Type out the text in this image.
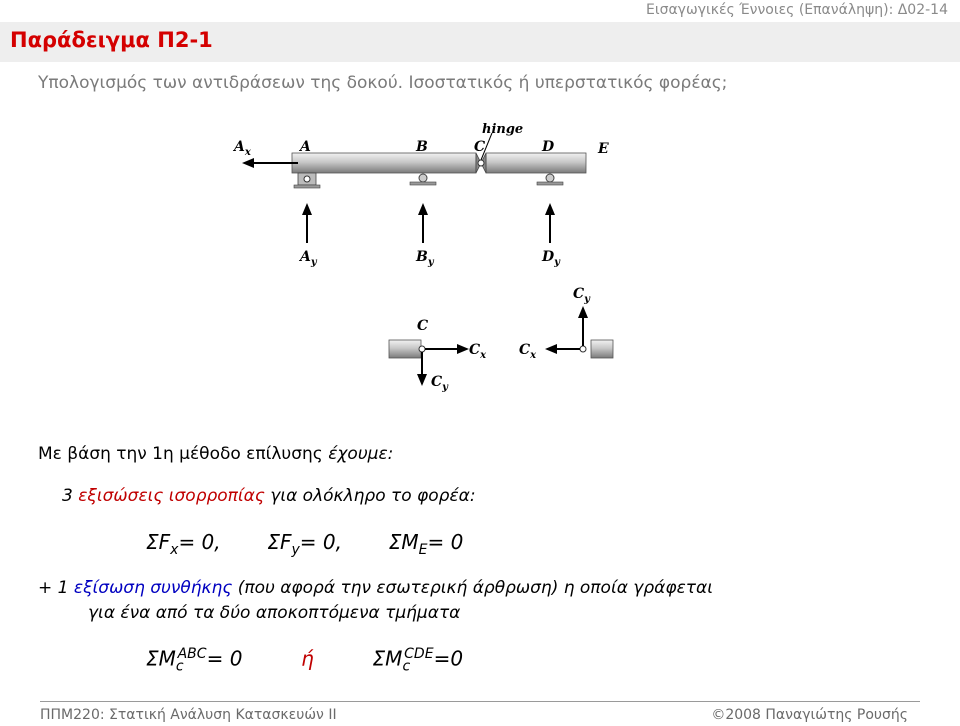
Εισαγωγικές Έννοιες (Επανάληψη): Δ02-14
Παράδειγμα Π2-1
Υπολογισμός των αντιδράσεων της δοκού. Ισοστατικός ή υπερστατικός φορέας;
$A_x$	A	B
hinge
C	D	E
$A_y$	$B_y$	$D_y$
C
$C_x$
$C_y$
$C_x$
$C_y$
Με βάση την 1η μέθοδο επίλυσης έχουμε:
3 εξισώσεις ισορροπίας για ολόκληρο το φορέα:
$\Sigma F_x= 0$, $\Sigma F_y= 0$, $\Sigma M_E= 0$
+ 1 εξίσωση συνθήκης (που αφορά την εσωτερική άρθρωση) η οποία γράφεται
για ένα από τα δύο αποκοπτόμενα τμήματα
$\Sigma M_c^{ABC}= 0$	ή	$\Sigma M_c^{CDE}=0$
ΠΠΜ220: Στατική Ανάλυση Κατασκευών ΙΙ	©2008 Παναγιώτης Ρουσής
